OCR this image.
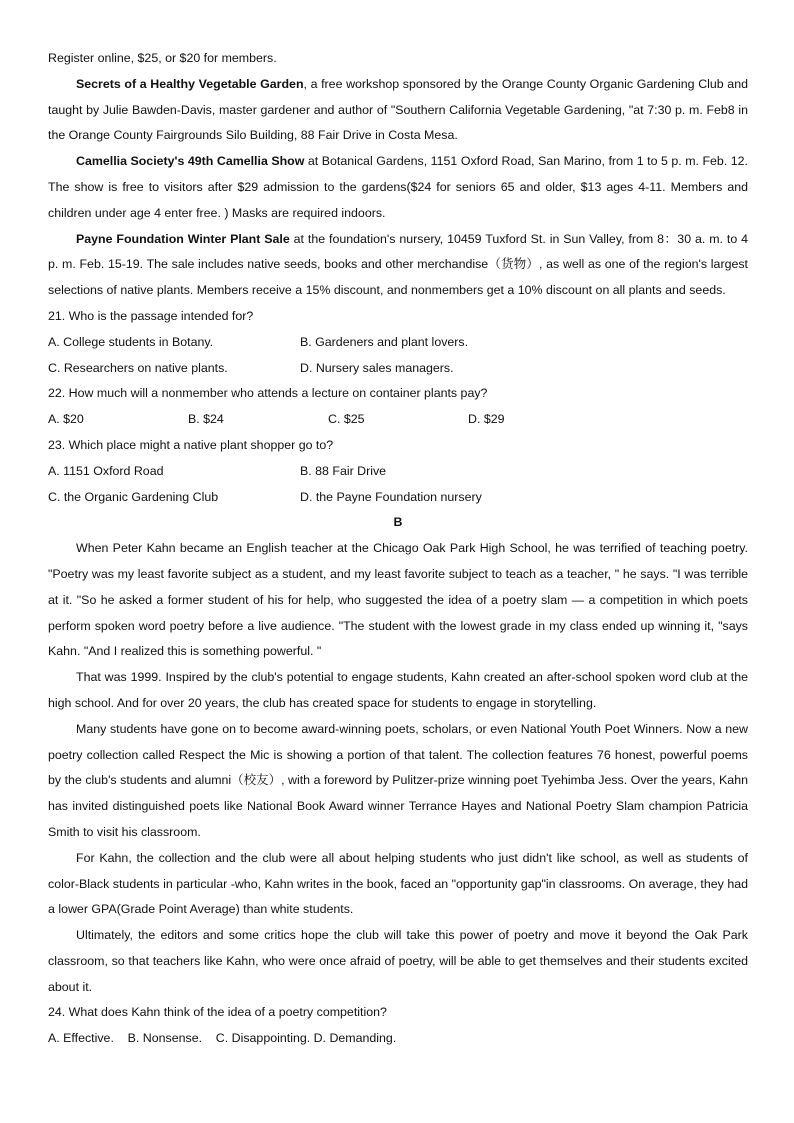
Register online, $25, or $20 for members.

Secrets of a Healthy Vegetable Garden, a free workshop sponsored by the Orange County Organic Gardening Club and taught by Julie Bawden-Davis, master gardener and author of "Southern California Vegetable Gardening, "at 7:30 p. m. Feb8 in the Orange County Fairgrounds Silo Building, 88 Fair Drive in Costa Mesa.

Camellia Society's 49th Camellia Show at Botanical Gardens, 1151 Oxford Road, San Marino, from 1 to 5 p. m. Feb. 12. The show is free to visitors after $29 admission to the gardens($24 for seniors 65 and older, $13 ages 4-11. Members and children under age 4 enter free. ) Masks are required indoors.

Payne Foundation Winter Plant Sale at the foundation's nursery, 10459 Tuxford St. in Sun Valley, from 8：30 a. m. to 4 p. m. Feb. 15-19. The sale includes native seeds, books and other merchandise（货物）, as well as one of the region's largest selections of native plants. Members receive a 15% discount, and nonmembers get a 10% discount on all plants and seeds.

21. Who is the passage intended for?

A. College students in Botany.	B. Gardeners and plant lovers.
C. Researchers on native plants.	D. Nursery sales managers.

22. How much will a nonmember who attends a lecture on container plants pay?

A. $20	B. $24	C. $25	D. $29

23. Which place might a native plant shopper go to?

A. 1151 Oxford Road	B. 88 Fair Drive
C. the Organic Gardening Club	D. the Payne Foundation nursery

B

When Peter Kahn became an English teacher at the Chicago Oak Park High School, he was terrified of teaching poetry. "Poetry was my least favorite subject as a student, and my least favorite subject to teach as a teacher, " he says. "I was terrible at it. "So he asked a former student of his for help, who suggested the idea of a poetry slam — a competition in which poets perform spoken word poetry before a live audience. "The student with the lowest grade in my class ended up winning it, "says Kahn. "And I realized this is something powerful. "

That was 1999. Inspired by the club's potential to engage students, Kahn created an after-school spoken word club at the high school. And for over 20 years, the club has created space for students to engage in storytelling.

Many students have gone on to become award-winning poets, scholars, or even National Youth Poet Winners. Now a new poetry collection called Respect the Mic is showing a portion of that talent. The collection features 76 honest, powerful poems by the club's students and alumni（校友）, with a foreword by Pulitzer-prize winning poet Tyehimba Jess. Over the years, Kahn has invited distinguished poets like National Book Award winner Terrance Hayes and National Poetry Slam champion Patricia Smith to visit his classroom.

For Kahn, the collection and the club were all about helping students who just didn't like school, as well as students of color-Black students in particular -who, Kahn writes in the book, faced an "opportunity gap"in classrooms. On average, they had a lower GPA(Grade Point Average) than white students.

Ultimately, the editors and some critics hope the club will take this power of poetry and move it beyond the Oak Park classroom, so that teachers like Kahn, who were once afraid of poetry, will be able to get themselves and their students excited about it.

24. What does Kahn think of the idea of a poetry competition?

A. Effective.    B. Nonsense.    C. Disappointing. D. Demanding.
